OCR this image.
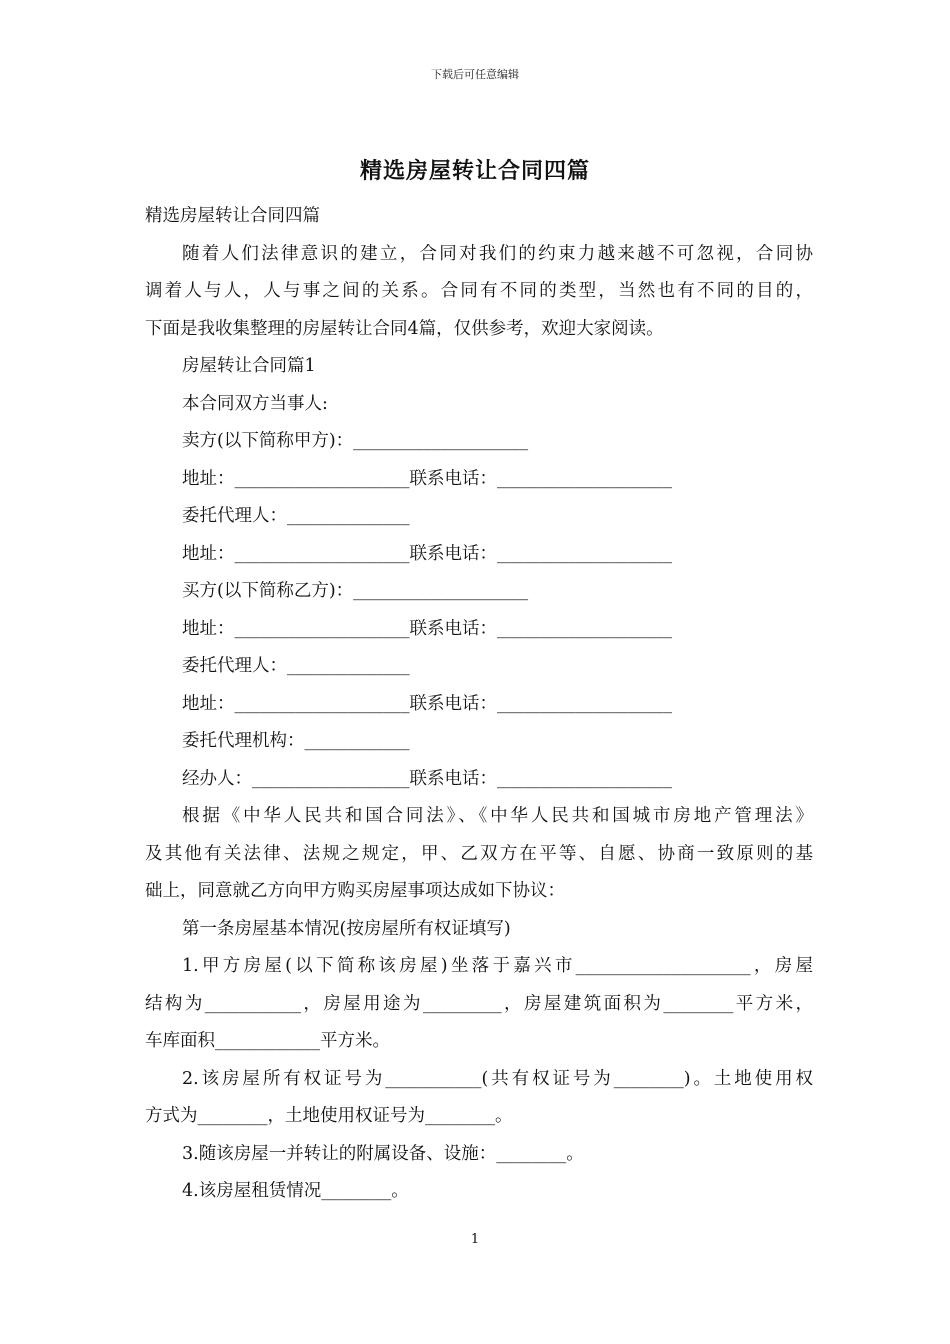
下载后可任意编辑
精选房屋转让合同四篇
精选房屋转让合同四篇
随着人们法律意识的建立，合同对我们的约束力越来越不可忽视，合同协
调着人与人，人与事之间的关系。合同有不同的类型，当然也有不同的目的，
下面是我收集整理的房屋转让合同4篇，仅供参考，欢迎大家阅读。
房屋转让合同篇1
本合同双方当事人:
卖方(以下简称甲方)：____________________
地址：____________________联系电话：____________________
委托代理人：______________
地址：____________________联系电话：____________________
买方(以下简称乙方)：____________________
地址：____________________联系电话：____________________
委托代理人：______________
地址：____________________联系电话：____________________
委托代理机构：____________
经办人：__________________联系电话：____________________
根据《中华人民共和国合同法》、《中华人民共和国城市房地产管理法》
及其他有关法律、法规之规定，甲、乙双方在平等、自愿、协商一致原则的基
础上，同意就乙方向甲方购买房屋事项达成如下协议：
第一条房屋基本情况(按房屋所有权证填写)
1.甲方房屋(以下简称该房屋)坐落于嘉兴市____________________，房屋
结构为___________，房屋用途为_________，房屋建筑面积为________平方米，
车库面积____________平方米。
2.该房屋所有权证号为___________(共有权证号为________)。土地使用权
方式为________，土地使用权证号为________。
3.随该房屋一并转让的附属设备、设施：________。
4.该房屋租赁情况________。
1
